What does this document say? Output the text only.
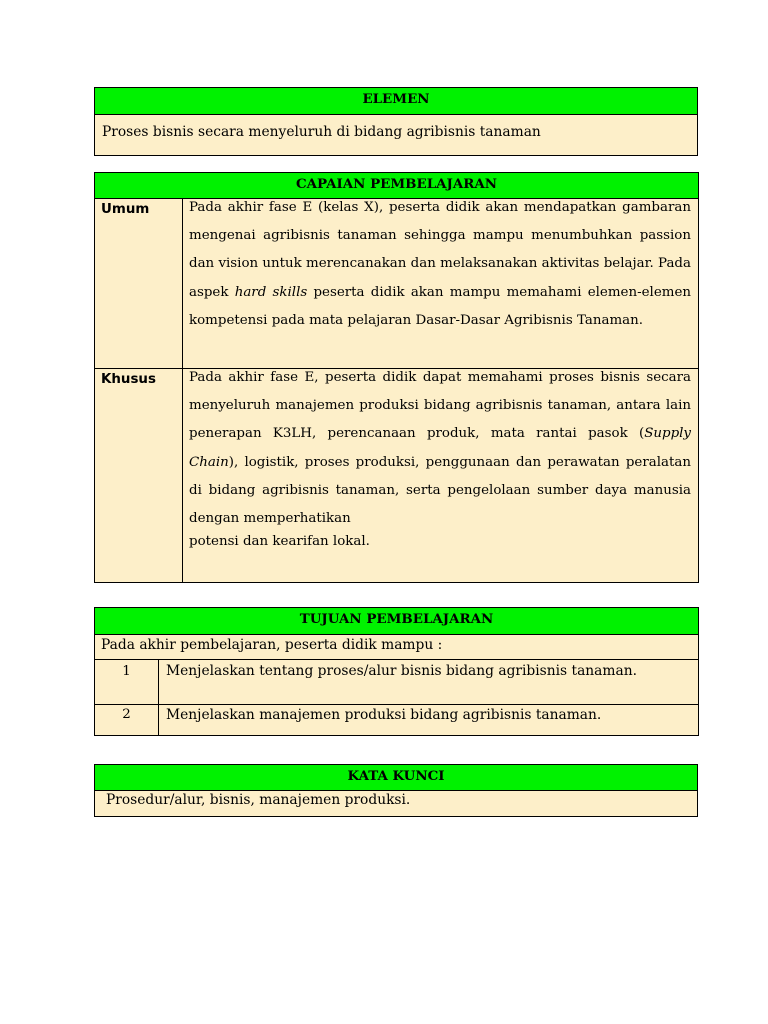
ELEMEN
Proses bisnis secara menyeluruh di bidang agribisnis tanaman
CAPAIAN PEMBELAJARAN	
Umum	Pada akhir fase E (kelas X), peserta didik akan mendapatkan gambaran mengenai agribisnis tanaman sehingga mampu menumbuhkan passion dan vision untuk merencanakan dan melaksanakan aktivitas belajar. Pada aspek hard skills peserta didik akan mampu memahami elemen-elemen kompetensi pada mata pelajaran Dasar-Dasar Agribisnis Tanaman.

Khusus	Pada akhir fase E, peserta didik dapat memahami proses bisnis secara menyeluruh manajemen produksi bidang agribisnis tanaman, antara lain penerapan K3LH, perencanaan produk, mata rantai pasok (Supply Chain), logistik, proses produksi, penggunaan dan perawatan peralatan di bidang agribisnis tanaman, serta pengelolaan sumber daya manusia dengan memperhatikan
potensi dan kearifan lokal.
TUJUAN PEMBELAJARAN	
Pada akhir pembelajaran, peserta didik mampu :	
1	Menjelaskan tentang proses/alur bisnis bidang agribisnis tanaman.
2	Menjelaskan manajemen produksi bidang agribisnis tanaman.
KATA KUNCI
Prosedur/alur, bisnis, manajemen produksi.
